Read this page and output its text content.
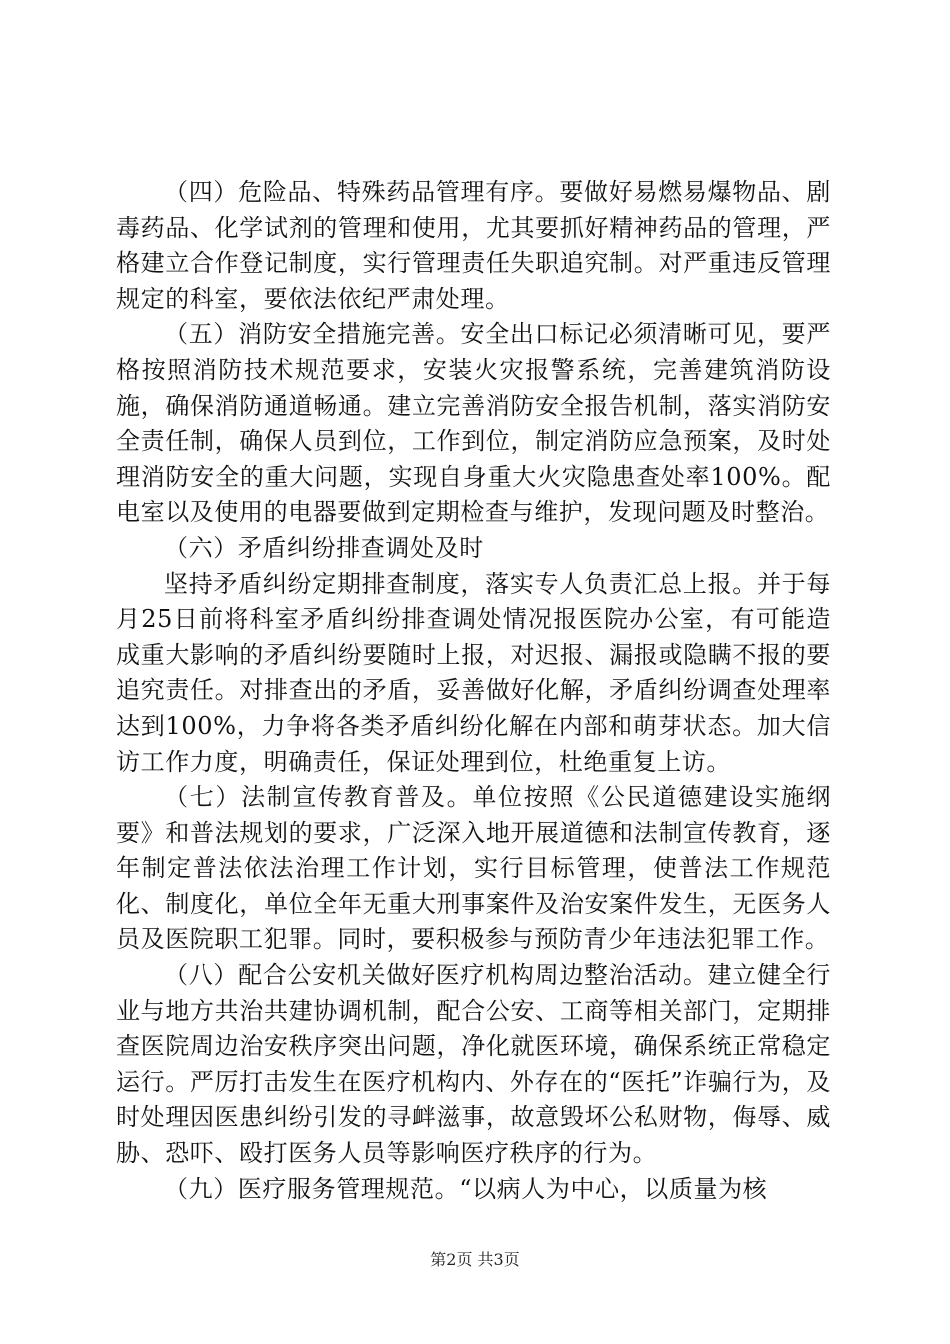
（四）危险品、特殊药品管理有序。要做好易燃易爆物品、剧毒药品、化学试剂的管理和使用，尤其要抓好精神药品的管理，严格建立合作登记制度，实行管理责任失职追究制。对严重违反管理规定的科室，要依法依纪严肃处理。

（五）消防安全措施完善。安全出口标记必须清晰可见，要严格按照消防技术规范要求，安装火灾报警系统，完善建筑消防设施，确保消防通道畅通。建立完善消防安全报告机制，落实消防安全责任制，确保人员到位，工作到位，制定消防应急预案，及时处理消防安全的重大问题，实现自身重大火灾隐患查处率100%。配电室以及使用的电器要做到定期检查与维护，发现问题及时整治。

（六）矛盾纠纷排查调处及时

坚持矛盾纠纷定期排查制度，落实专人负责汇总上报。并于每月25日前将科室矛盾纠纷排查调处情况报医院办公室，有可能造成重大影响的矛盾纠纷要随时上报，对迟报、漏报或隐瞒不报的要追究责任。对排查出的矛盾，妥善做好化解，矛盾纠纷调查处理率达到100%，力争将各类矛盾纠纷化解在内部和萌芽状态。加大信访工作力度，明确责任，保证处理到位，杜绝重复上访。

（七）法制宣传教育普及。单位按照《公民道德建设实施纲要》和普法规划的要求，广泛深入地开展道德和法制宣传教育，逐年制定普法依法治理工作计划，实行目标管理，使普法工作规范化、制度化，单位全年无重大刑事案件及治安案件发生，无医务人员及医院职工犯罪。同时，要积极参与预防青少年违法犯罪工作。

（八）配合公安机关做好医疗机构周边整治活动。建立健全行业与地方共治共建协调机制，配合公安、工商等相关部门，定期排查医院周边治安秩序突出问题，净化就医环境，确保系统正常稳定运行。严厉打击发生在医疗机构内、外存在的“医托”诈骗行为，及时处理因医患纠纷引发的寻衅滋事，故意毁坏公私财物，侮辱、威胁、恐吓、殴打医务人员等影响医疗秩序的行为。

（九）医疗服务管理规范。“以病人为中心，以质量为核

第2页 共3页
